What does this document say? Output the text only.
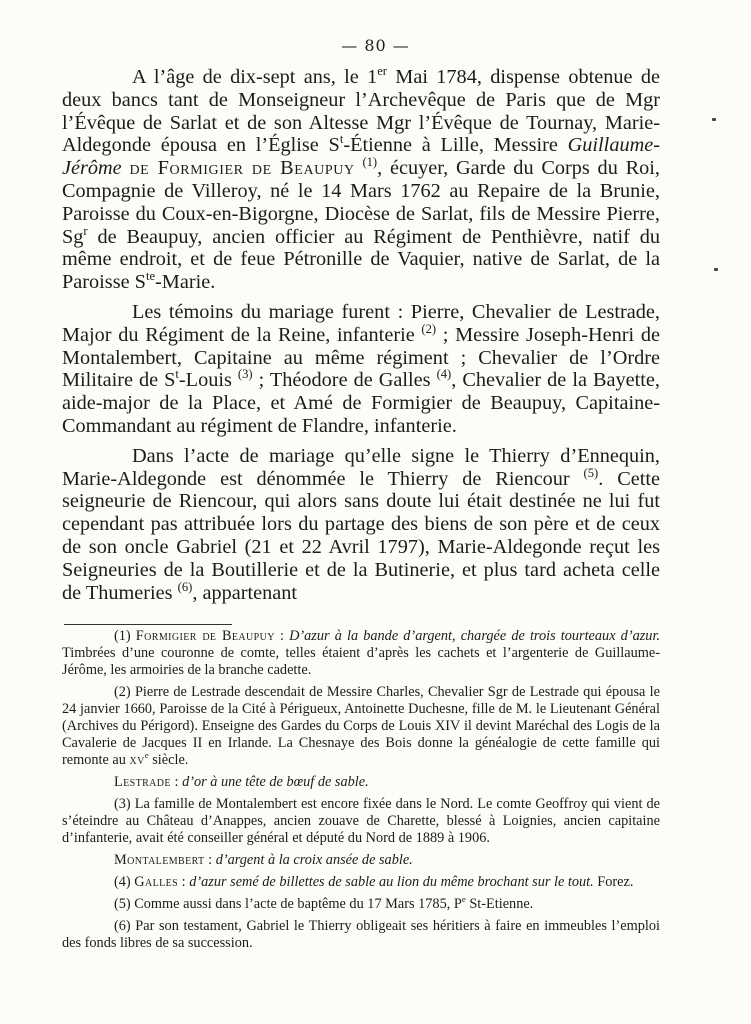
— 80 —

A l’âge de dix-sept ans, le 1er Mai 1784, dispense obtenue de deux bancs tant de Monseigneur l’Archevêque de Paris que de Mgr l’Évêque de Sarlat et de son Altesse Mgr l’Évêque de Tournay, Marie-Aldegonde épousa en l’Église $S^t$-Étienne à Lille, Messire Guillaume-Jérôme de Formigier de Beaupuy $^{(1)}$, écuyer, Garde du Corps du Roi, Compagnie de Villeroy, né le 14 Mars 1762 au Repaire de la Brunie, Paroisse du Coux-en-Bigorgne, Diocèse de Sarlat, fils de Messire Pierre, Sg$^r$ de Beaupuy, ancien officier au Régiment de Penthièvre, natif du même endroit, et de feue Pétronille de Vaquier, native de Sarlat, de la Paroisse $S^{te}$-Marie.

Les témoins du mariage furent : Pierre, Chevalier de Lestrade, Major du Régiment de la Reine, infanterie $^{(2)}$ ; Messire Joseph-Henri de Montalembert, Capitaine au même régiment ; Chevalier de l’Ordre Militaire de $S^t$-Louis $^{(3)}$ ; Théodore de Galles $^{(4)}$, Chevalier de la Bayette, aide-major de la Place, et Amé de Formigier de Beaupuy, Capitaine-Commandant au régiment de Flandre, infanterie.

Dans l’acte de mariage qu’elle signe le Thierry d’Ennequin, Marie-Aldegonde est dénommée le Thierry de Riencour $^{(5)}$. Cette seigneurie de Riencour, qui alors sans doute lui était destinée ne lui fut cependant pas attribuée lors du partage des biens de son père et de ceux de son oncle Gabriel (21 et 22 Avril 1797), Marie-Aldegonde reçut les Seigneuries de la Boutillerie et de la Butinerie, et plus tard acheta celle de Thumeries $^{(6)}$, appartenant

(1) Formigier de Beaupuy : D’azur à la bande d’argent, chargée de trois tourteaux d’azur. Timbrées d’une couronne de comte, telles étaient d’après les cachets et l’argenterie de Guillaume-Jérôme, les armoiries de la branche cadette.

(2) Pierre de Lestrade descendait de Messire Charles, Chevalier Sgr de Lestrade qui épousa le 24 janvier 1660, Paroisse de la Cité à Périgueux, Antoinette Duchesne, fille de M. le Lieutenant Général (Archives du Périgord). Enseigne des Gardes du Corps de Louis XIV il devint Maréchal des Logis de la Cavalerie de Jacques II en Irlande. La Chesnaye des Bois donne la généalogie de cette famille qui remonte au $xv^e$ siècle.

Lestrade : d’or à une tête de bœuf de sable.

(3) La famille de Montalembert est encore fixée dans le Nord. Le comte Geoffroy qui vient de s’éteindre au Château d’Anappes, ancien zouave de Charette, blessé à Loignies, ancien capitaine d’infanterie, avait été conseiller général et député du Nord de 1889 à 1906.

Montalembert : d’argent à la croix ansée de sable.

(4) Galles : d’azur semé de billettes de sable au lion du même brochant sur le tout. Forez.

(5) Comme aussi dans l’acte de baptême du 17 Mars 1785, $P^e$ St-Etienne.

(6) Par son testament, Gabriel le Thierry obligeait ses héritiers à faire en immeubles l’emploi des fonds libres de sa succession.
